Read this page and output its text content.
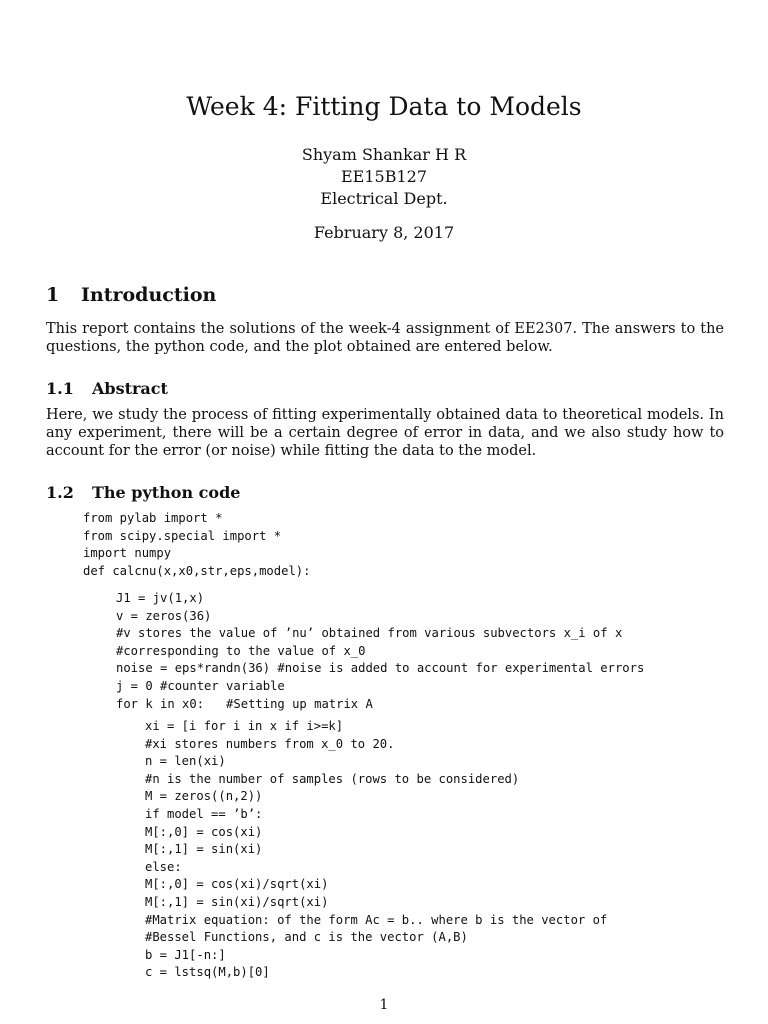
Week 4: Fitting Data to Models
Shyam Shankar H R
EE15B127
Electrical Dept.
February 8, 2017
1 Introduction
This report contains the solutions of the week-4 assignment of EE2307. The answers to the questions, the python code, and the plot obtained are entered below.
1.1 Abstract
Here, we study the process of fitting experimentally obtained data to theoretical models. In any experiment, there will be a certain degree of error in data, and we also study how to account for the error (or noise) while fitting the data to the model.
1.2 The python code
from pylab import *
from scipy.special import *
import numpy
def calcnu(x,x0,str,eps,model):
J1 = jv(1,x)
v = zeros(36)
#v stores the value of ’nu’ obtained from various subvectors x_i of x
#corresponding to the value of x_0
noise = eps*randn(36) #noise is added to account for experimental errors
j = 0 #counter variable
for k in x0:   #Setting up matrix A
xi = [i for i in x if i>=k]
#xi stores numbers from x_0 to 20.
n = len(xi)
#n is the number of samples (rows to be considered)
M = zeros((n,2))
if model == ’b’:
M[:,0] = cos(xi)
M[:,1] = sin(xi)
else:
M[:,0] = cos(xi)/sqrt(xi)
M[:,1] = sin(xi)/sqrt(xi)
#Matrix equation: of the form Ac = b.. where b is the vector of
#Bessel Functions, and c is the vector (A,B)
b = J1[-n:]
c = lstsq(M,b)[0]
1
